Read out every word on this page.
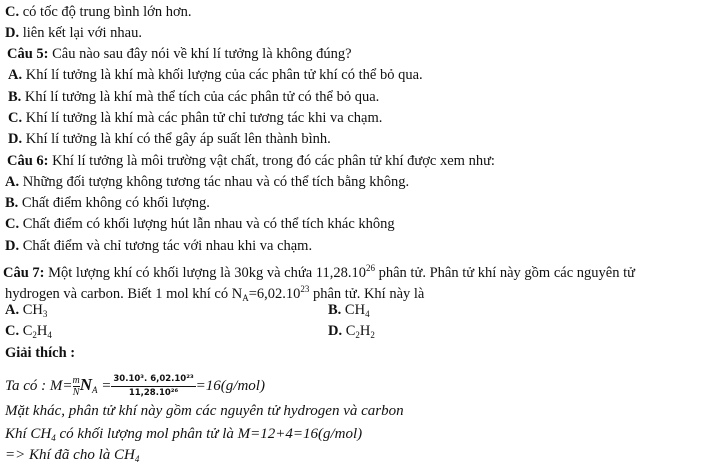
C. có tốc độ trung bình lớn hơn.
D. liên kết lại với nhau.
Câu 5: Câu nào sau đây nói về khí lí tưởng là không đúng?
A. Khí lí tưởng là khí mà khối lượng của các phân tử khí có thể bỏ qua.
B. Khí lí tưởng là khí mà thể tích của các phân tử có thể bỏ qua.
C. Khí lí tưởng là khí mà các phân tử chỉ tương tác khi va chạm.
D. Khí lí tưởng là khí có thể gây áp suất lên thành bình.
Câu 6: Khí lí tưởng là môi trường vật chất, trong đó các phân tử khí được xem như:
A. Những đối tượng không tương tác nhau và có thể tích bằng không.
B. Chất điểm không có khối lượng.
C. Chất điểm có khối lượng hút lẫn nhau và có thể tích khác không
D. Chất điểm và chỉ tương tác với nhau khi va chạm.
Câu 7: Một lượng khí có khối lượng là 30kg và chứa 11,28.10$^{26}$ phân tử. Phân tử khí này gồm các nguyên tử
hydrogen và carbon. Biết 1 mol khí có $N_A=6,02.10^{23}$ phân tử. Khí này là
A. $CH_3$	B. $CH_4$
C. $C_2H_4$	D. $C_2H_2$
Giải thích :
Ta có : $M= \frac{m}{N} N_A = \frac{\text{30.10³. 6,02.10²³}}{\text{11,28.10²⁶}} =16(g/mol)$
Mặt khác, phân tử khí này gồm các nguyên tử hydrogen và carbon
Khí $CH_4$ có khối lượng mol phân tử là M=12+4=16(g/mol)
=> Khí đã cho là $CH_4$
